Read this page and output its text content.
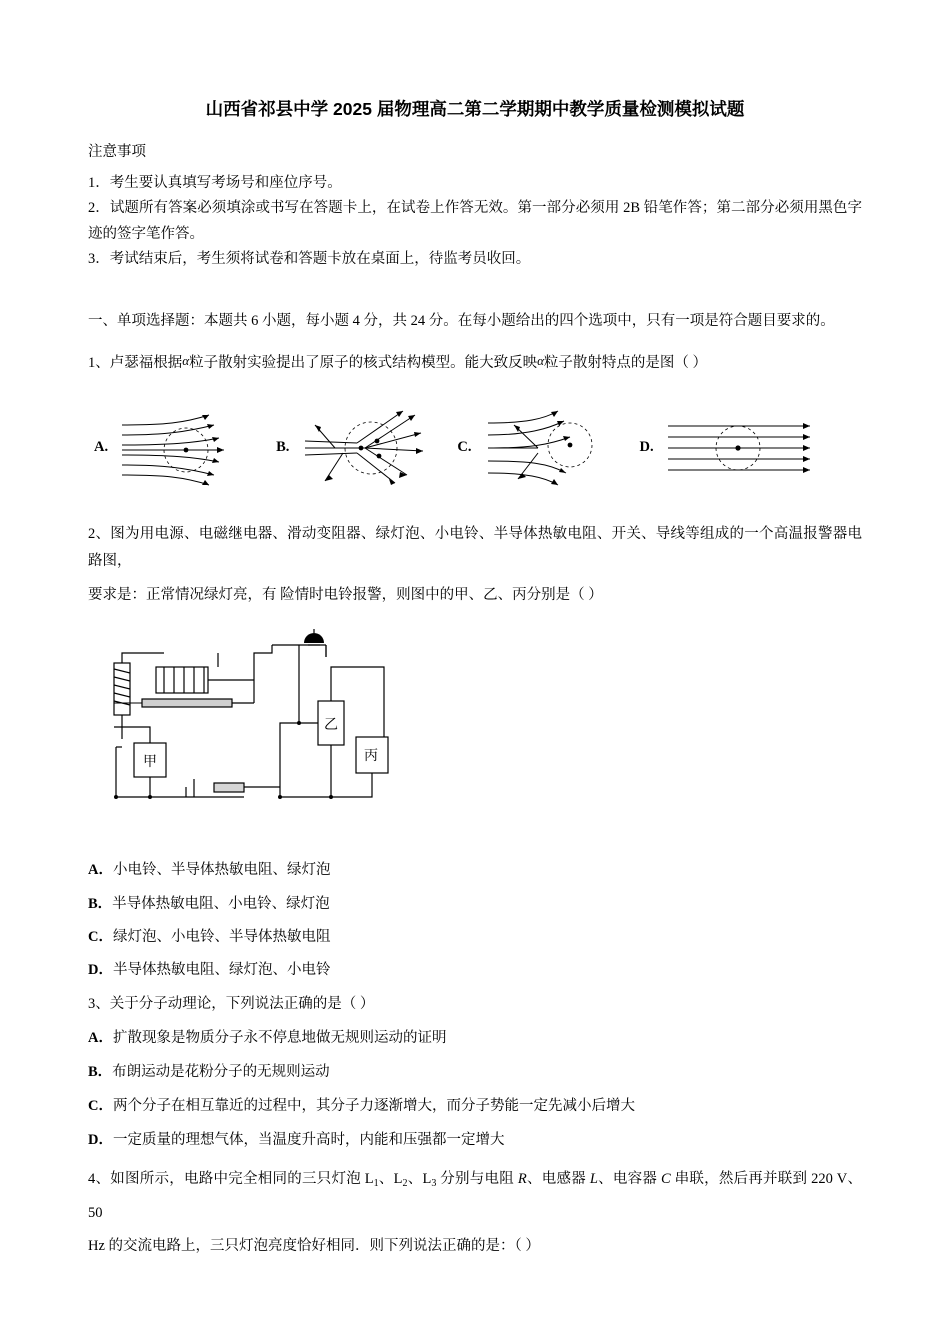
山西省祁县中学 2025 届物理高二第二学期期中教学质量检测模拟试题
注意事项

1．考生要认真填写考场号和座位序号。

2．试题所有答案必须填涂或书写在答题卡上，在试卷上作答无效。第一部分必须用 2B 铅笔作答；第二部分必须用黑色字迹的签字笔作答。

3．考试结束后，考生须将试卷和答题卡放在桌面上，待监考员收回。

一、单项选择题：本题共 6 小题，每小题 4 分，共 24 分。在每小题给出的四个选项中，只有一项是符合题目要求的。

1、卢瑟福根据α粒子散射实验提出了原子的核式结构模型。能大致反映α粒子散射特点的是图（ ）

A.	B.	C.	D.

2、图为用电源、电磁继电器、滑动变阻器、绿灯泡、小电铃、半导体热敏电阻、开关、导线等组成的一个高温报警器电路图，

要求是：正常情况绿灯亮，有 险情时电铃报警，则图中的甲、乙、丙分别是（ ）

甲
乙
丙

A．小电铃、半导体热敏电阻、绿灯泡

B．半导体热敏电阻、小电铃、绿灯泡

C．绿灯泡、小电铃、半导体热敏电阻

D．半导体热敏电阻、绿灯泡、小电铃

3、关于分子动理论，下列说法正确的是（ ）

A．扩散现象是物质分子永不停息地做无规则运动的证明

B．布朗运动是花粉分子的无规则运动

C．两个分子在相互靠近的过程中，其分子力逐渐增大，而分子势能一定先减小后增大

D．一定质量的理想气体，当温度升高时，内能和压强都一定增大

4、如图所示，电路中完全相同的三只灯泡 $L_1$、$L_2$、$L_3$ 分别与电阻 R、电感器 L、电容器 C 串联，然后再并联到 220 V、50

Hz 的交流电路上，三只灯泡亮度恰好相同．则下列说法正确的是：（ ）
